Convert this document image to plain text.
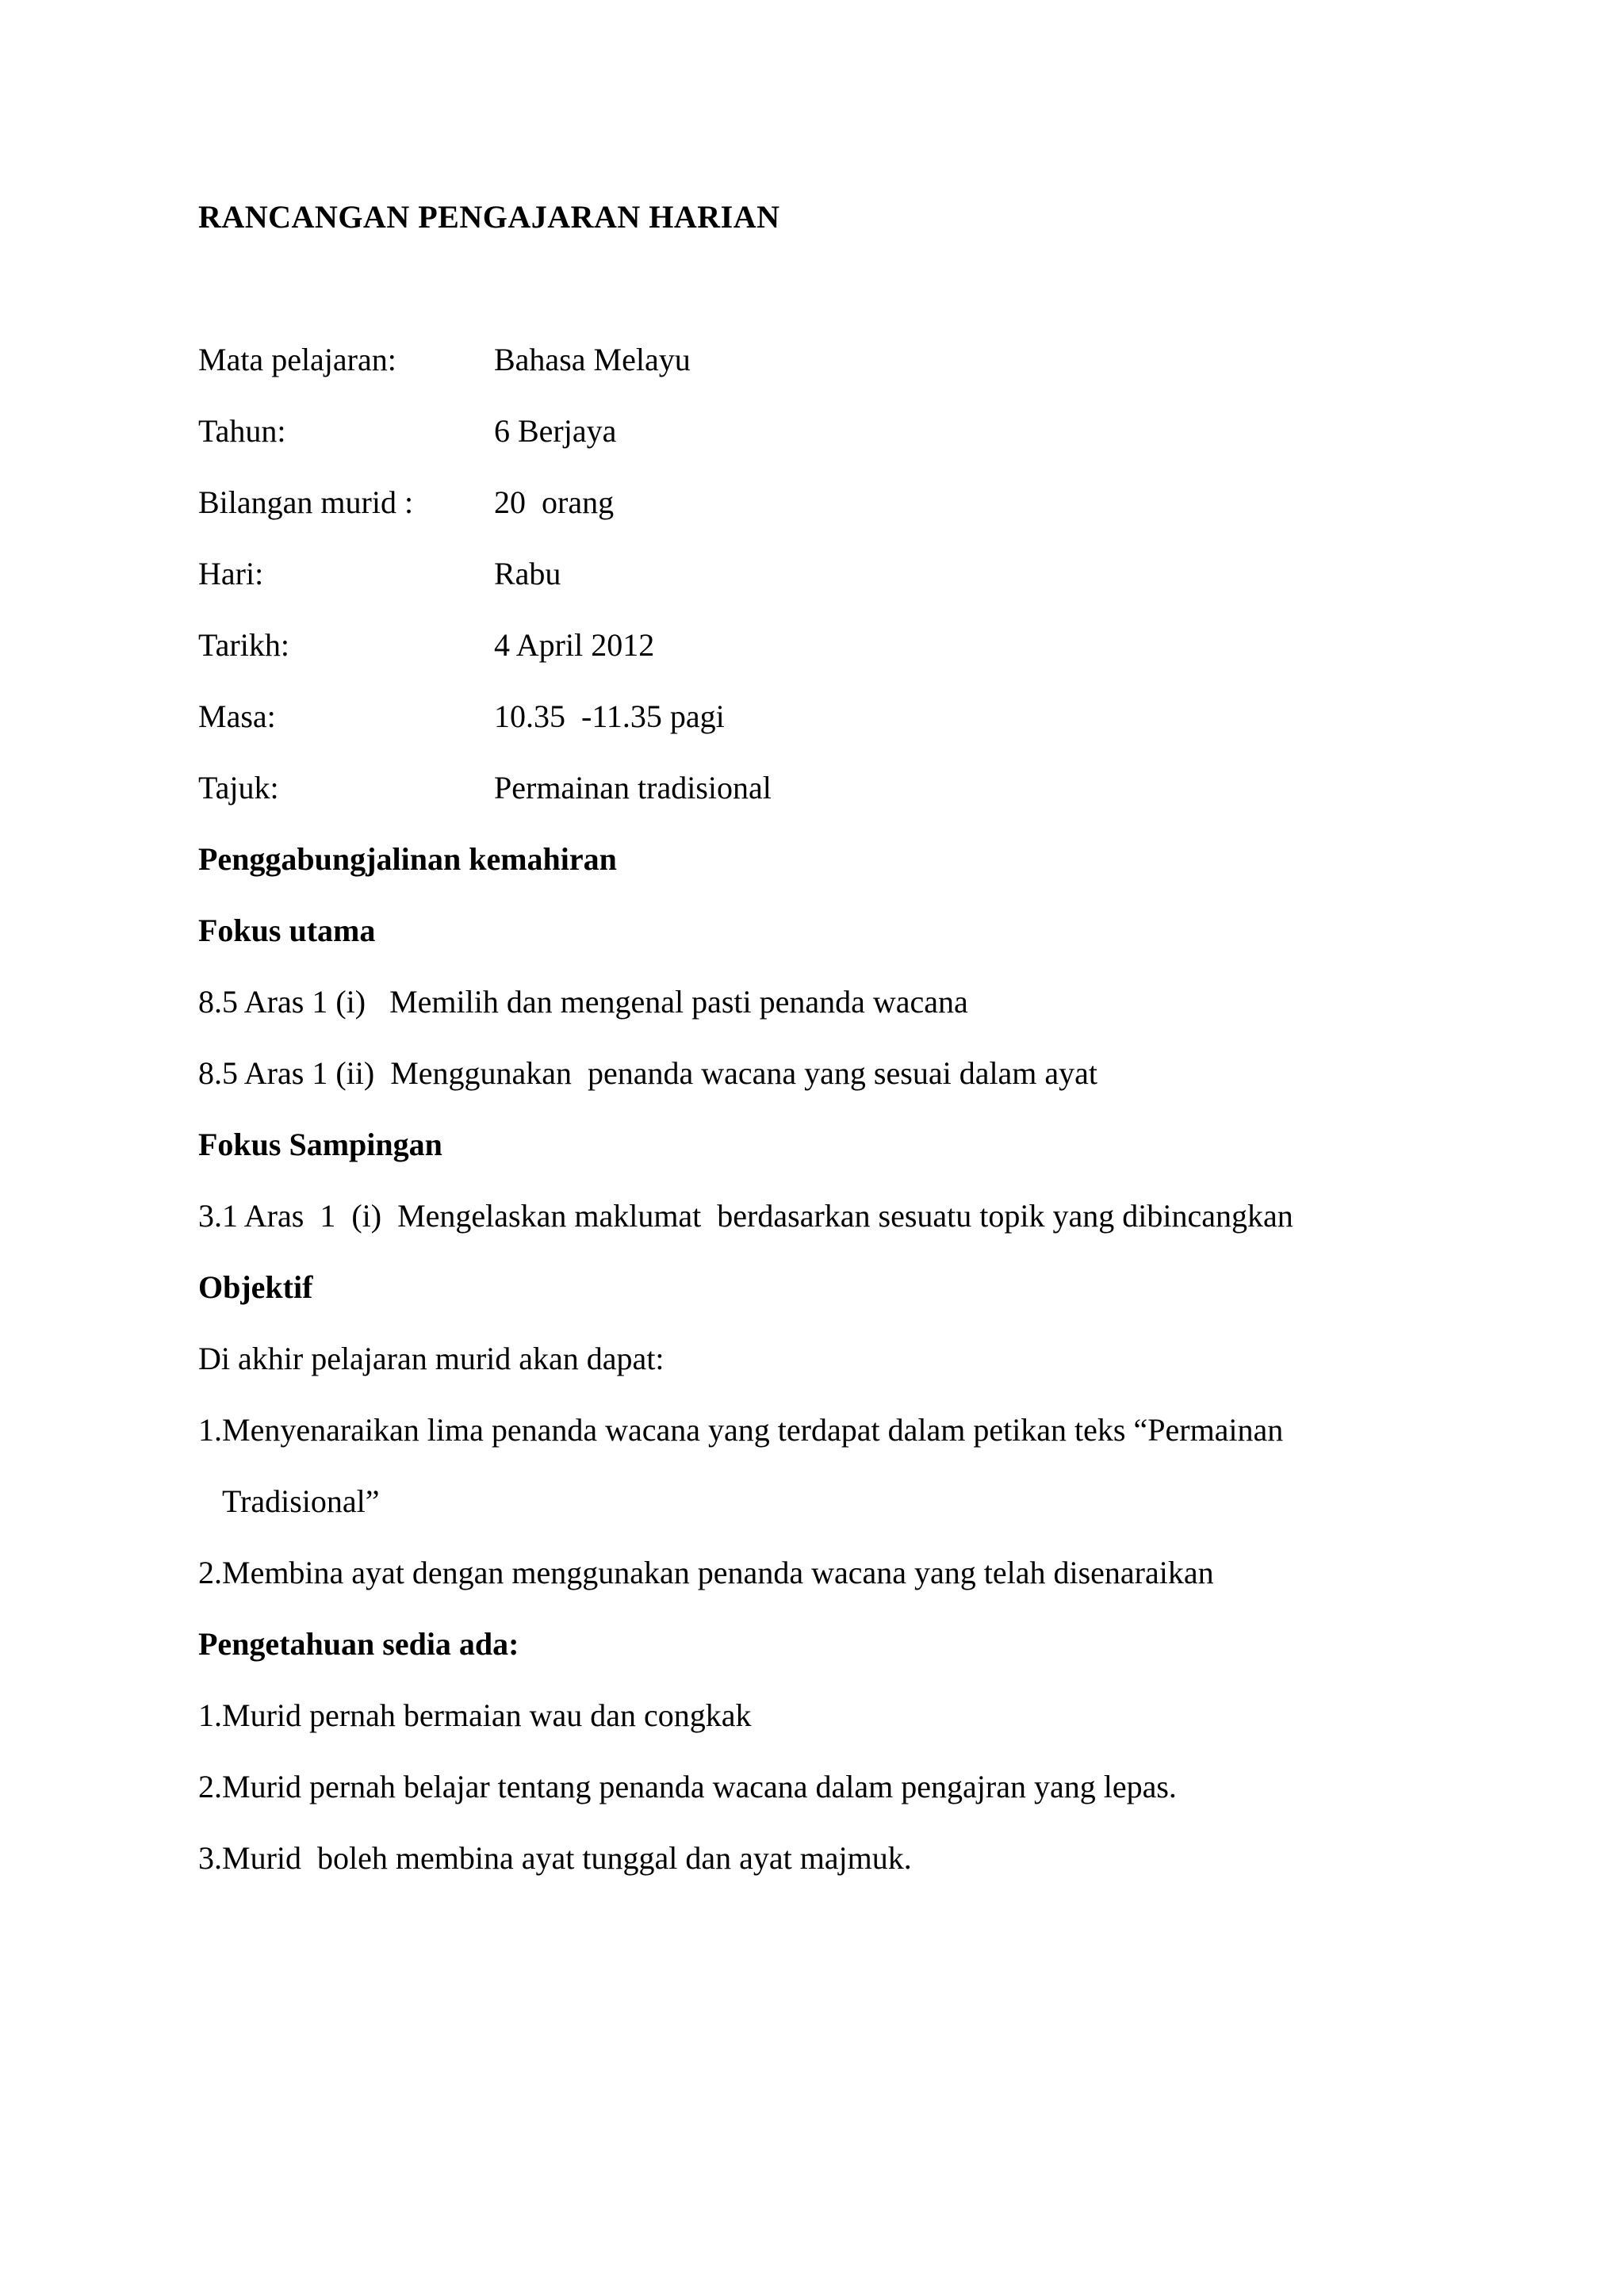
RANCANGAN PENGAJARAN HARIAN
Mata pelajaran:	Bahasa Melayu
Tahun:	6 Berjaya
Bilangan murid :	20  orang
Hari:	Rabu
Tarikh:	4 April 2012
Masa:	10.35  -11.35 pagi
Tajuk:	Permainan tradisional
Penggabungjalinan kemahiran
Fokus utama
8.5 Aras 1 (i)   Memilih dan mengenal pasti penanda wacana
8.5 Aras 1 (ii)  Menggunakan  penanda wacana yang sesuai dalam ayat
Fokus Sampingan
3.1 Aras  1  (i)  Mengelaskan maklumat  berdasarkan sesuatu topik yang dibincangkan
Objektif
Di akhir pelajaran murid akan dapat:
1.Menyenaraikan lima penanda wacana yang terdapat dalam petikan teks “Permainan
Tradisional”
2.Membina ayat dengan menggunakan penanda wacana yang telah disenaraikan
Pengetahuan sedia ada:
1.Murid pernah bermaian wau dan congkak
2.Murid pernah belajar tentang penanda wacana dalam pengajran yang lepas.
3.Murid  boleh membina ayat tunggal dan ayat majmuk.
